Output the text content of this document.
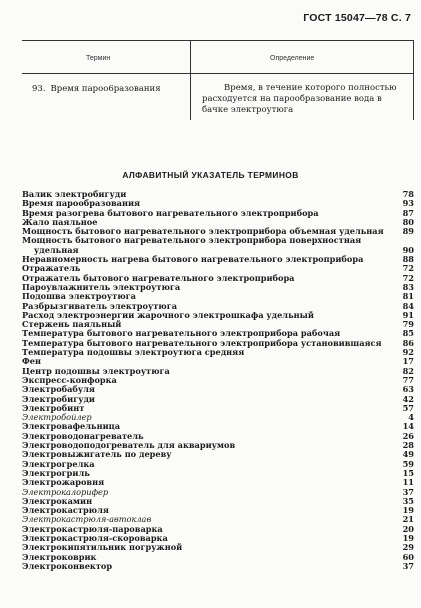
ГОСТ 15047—78 С. 7
Термин	Определение
93. Время пароо6разования	Время, в течение которого полностью
расходуется на парообразование вода в
бачке электроутюга
АЛФАВИТНЫЙ УКАЗАТЕЛЬ ТЕРМИНОВ
Валик электробигуди	78
Время парообразования	93
Время разогрева бытового нагревательного электроприбора	87
Жало паяльное	80
Мощность бытового нагревательного электроприбора объемная удельная 89
Мощность бытового нагревательного электроприбора поверхностная
удельная	90
Неравномерность нагрева бытового нагревательного электроприбора	88
Отражатель	72
Отражатель бытового нагревательного электроприбора	72
Пароувлажнитель электроутюга	83
Подошва электроутюга	81
Разбрызгиватель электроутюга	84
Расход электроэнергии жарочного электрошкафа удельный	91
Стержень паяльный	79
Температура бытового нагревательного электроприбора рабочая	85
Температура бытового нагревательного электроприбора установившаяся	86
Температура подошвы электроутюга средняя	92
Фен	17
Центр подошвы электроутюга	82
Экспресс-конфорка	77
Электробабуля	63
Электробигуди	42
Электробинт	57
Электробойлер	4
Электровафельница	14
Электроводонагреватель	26
Электроводоподогреватель для аквариумов	28
Электровыжигатель по дереву	49
Электрогрелка	59
Электрогриль	15
Электрожаровня	11
Электрокалорифер	37
Электрокамин	35
Электрокастрюля	19
Электрокастрюля-автоклав	21
Электрокастрюля-пароварка	20
Электрокастрюля-скороварка	19
Электрокипятильник погружной	29
Электроковрик	60
Электроконвектор	37
